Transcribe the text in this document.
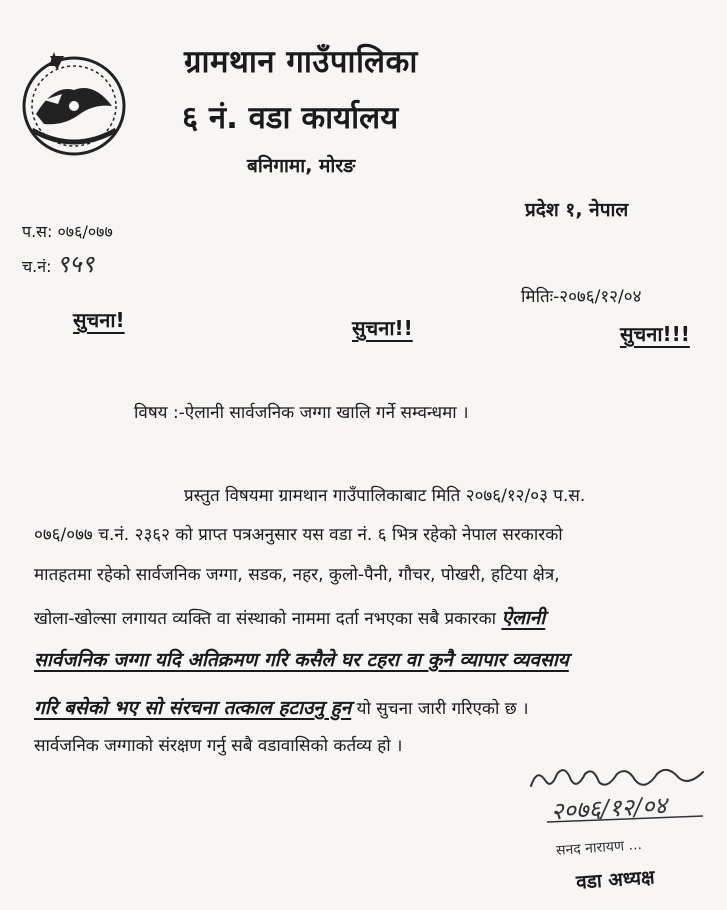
ग्रामथान गाउँपालिका
६ नं. वडा कार्यालय
बनिगामा, मोरङ
प्रदेश १, नेपाल
प.स: ०७६/०७७
च.नं: ९५९
मितिः-२०७६/१२/०४
सुचना!	सुचना!!	सुचना!!!
विषय :-ऐलानी सार्वजनिक जग्गा खालि गर्ने सम्वन्धमा ।
प्रस्तुत विषयमा ग्रामथान गाउँपालिकाबाट मिति २०७६/१२/०३ प.स.
०७६/०७७ च.नं. २३६२ को प्राप्त पत्रअनुसार यस वडा नं. ६ भित्र रहेको नेपाल सरकारको
मातहतमा रहेको सार्वजनिक जग्गा, सडक, नहर, कुलो-पैनी, गौचर, पोखरी, हटिया क्षेत्र,
खोला-खोल्सा लगायत व्यक्ति वा संस्थाको नाममा दर्ता नभएका सबै प्रकारका ऐलानी
सार्वजनिक जग्गा यदि अतिक्रमण गरि कसैले घर टहरा वा कुनै व्यापार व्यवसाय
गरि बसेको भए सो संरचना तत्काल हटाउनु हुन यो सुचना जारी गरिएको छ ।
सार्वजनिक जग्गाको संरक्षण गर्नु सबै वडावासिको कर्तव्य हो ।
२०७६/१२/०४
सनद नारायण ...
वडा अध्यक्ष
